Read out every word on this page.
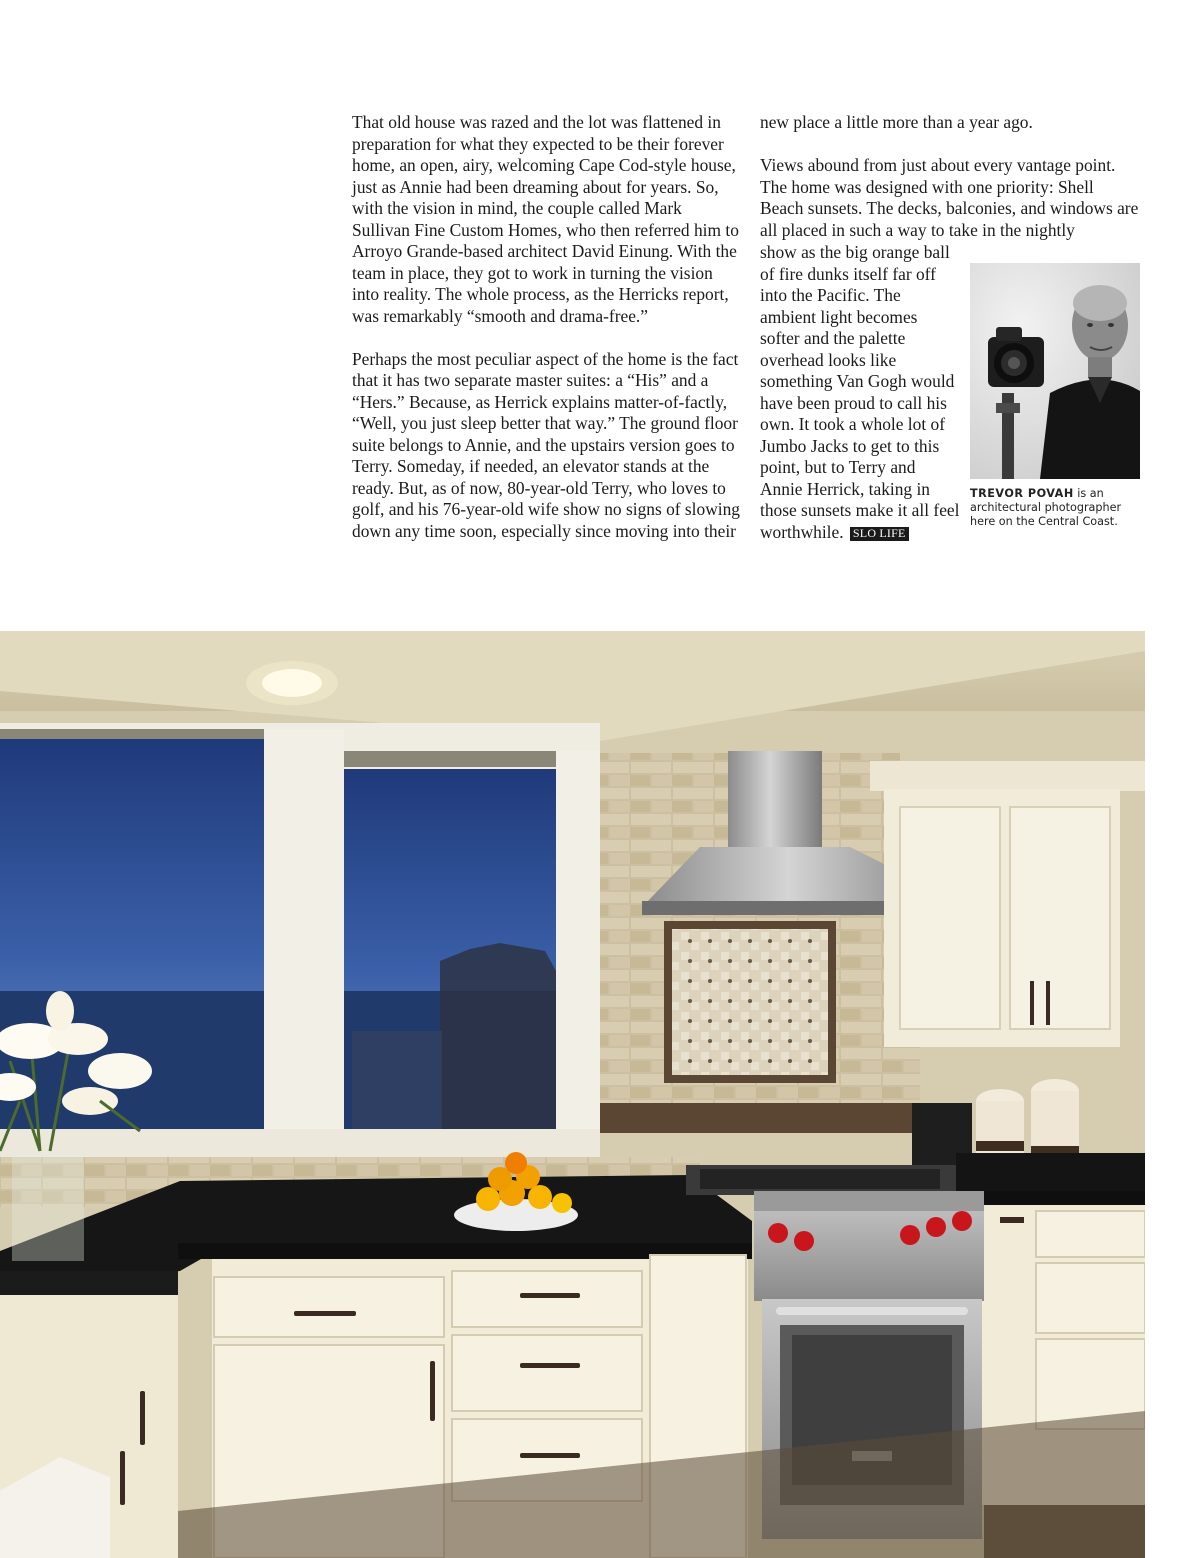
That old house was razed and the lot was flattened in preparation for what they expected to be their forever home, an open, airy, welcoming Cape Cod-style house, just as Annie had been dreaming about for years. So, with the vision in mind, the couple called Mark Sullivan Fine Custom Homes, who then referred him to Arroyo Grande-based architect David Einung. With the team in place, they got to work in turning the vision into reality. The whole process, as the Herricks report, was remarkably “smooth and drama-free.”

Perhaps the most peculiar aspect of the home is the fact that it has two separate master suites: a “His” and a “Hers.” Because, as Herrick explains matter-of-factly, “Well, you just sleep better that way.” The ground floor suite belongs to Annie, and the upstairs version goes to Terry. Someday, if needed, an elevator stands at the ready. But, as of now, 80-year-old Terry, who loves to golf, and his 76-year-old wife show no signs of slowing down any time soon, especially since moving into their

new place a little more than a year ago.

Views abound from just about every vantage point. The home was designed with one priority: Shell Beach sunsets. The decks, balconies, and windows are all placed in such a way to take in the nightly

show as the big orange ball of fire dunks itself far off into the Pacific. The ambient light becomes softer and the palette overhead looks like something Van Gogh would have been proud to call his own. It took a whole lot of Jumbo Jacks to get to this point, but to Terry and Annie Herrick, taking in those sunsets make it all feel worthwhile. SLO LIFE

TREVOR POVAH is an architectural photographer here on the Central Coast.
